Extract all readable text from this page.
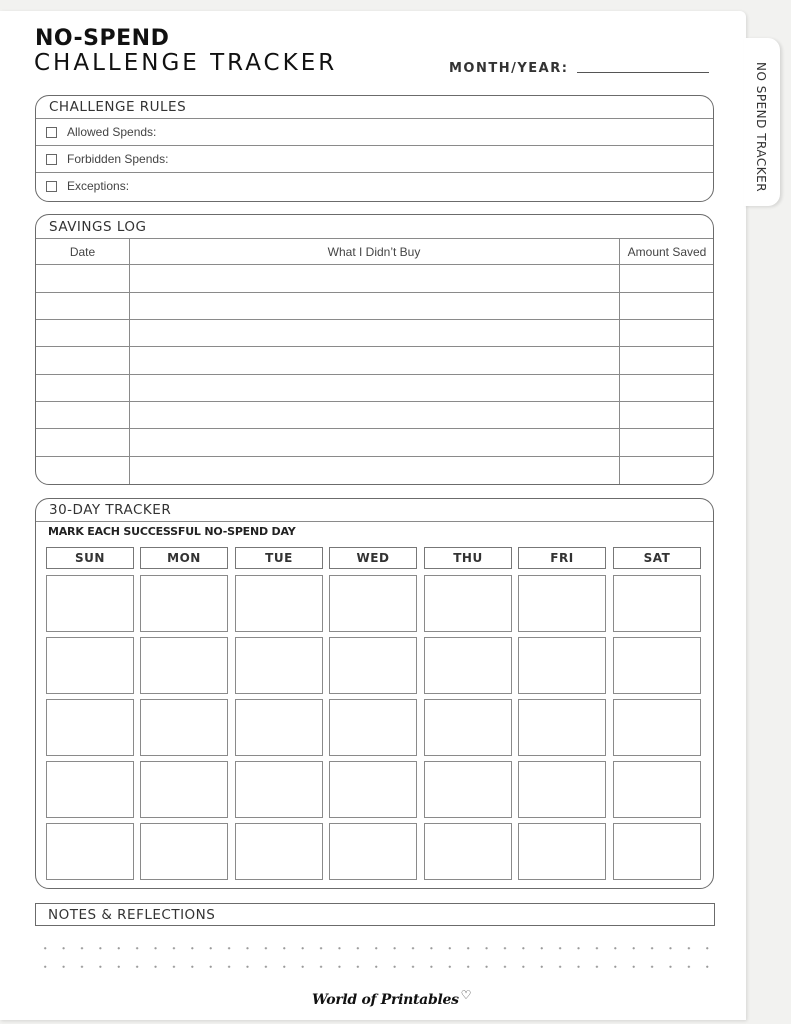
NO SPEND TRACKER
NO-SPEND
CHALLENGE TRACKER	MONTH/YEAR:
CHALLENGE RULES
Allowed Spends:
Forbidden Spends:
Exceptions:
SAVINGS LOG
Date	What I Didn’t Buy	Amount Saved
30-DAY TRACKER
MARK EACH SUCCESSFUL NO-SPEND DAY
SUN	MON	TUE	WED	THU	FRI	SAT
NOTES & REFLECTIONS
World of Printables ♡
